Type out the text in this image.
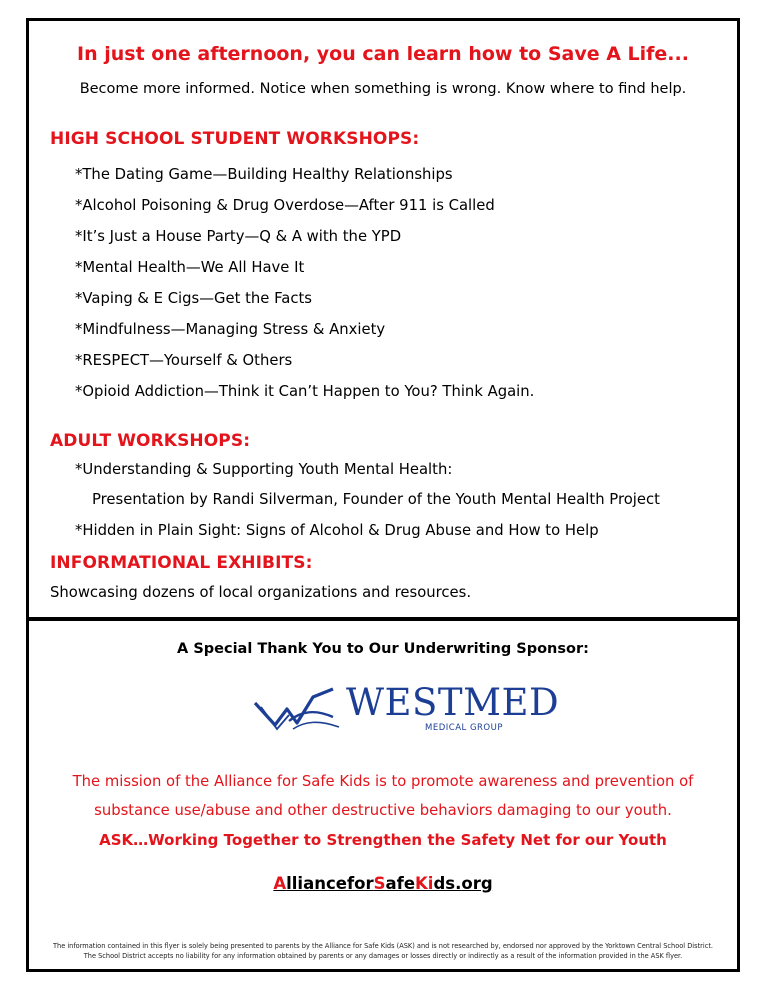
In just one afternoon, you can learn how to Save A Life...
Become more informed. Notice when something is wrong. Know where to find help.
HIGH SCHOOL STUDENT WORKSHOPS:
*The Dating Game—Building Healthy Relationships
*Alcohol Poisoning & Drug Overdose—After 911 is Called
*It’s Just a House Party—Q & A with the YPD
*Mental Health—We All Have It
*Vaping & E Cigs—Get the Facts
*Mindfulness—Managing Stress & Anxiety
*RESPECT—Yourself & Others
*Opioid Addiction—Think it Can’t Happen to You? Think Again.
ADULT WORKSHOPS:
*Understanding & Supporting Youth Mental Health:
Presentation by Randi Silverman, Founder of the Youth Mental Health Project
*Hidden in Plain Sight: Signs of Alcohol & Drug Abuse and How to Help
INFORMATIONAL EXHIBITS:
Showcasing dozens of local organizations and resources.
A Special Thank You to Our Underwriting Sponsor:
WESTMED
MEDICAL GROUP
The mission of the Alliance for Safe Kids is to promote awareness and prevention of
substance use/abuse and other destructive behaviors damaging to our youth.
ASK…Working Together to Strengthen the Safety Net for our Youth
AllianceforSafeKids.org
The information contained in this flyer is solely being presented to parents by the Alliance for Safe Kids (ASK) and is not researched by, endorsed nor approved by the Yorktown Central School District.
The School District accepts no liability for any information obtained by parents or any damages or losses directly or indirectly as a result of the information provided in the ASK flyer.
